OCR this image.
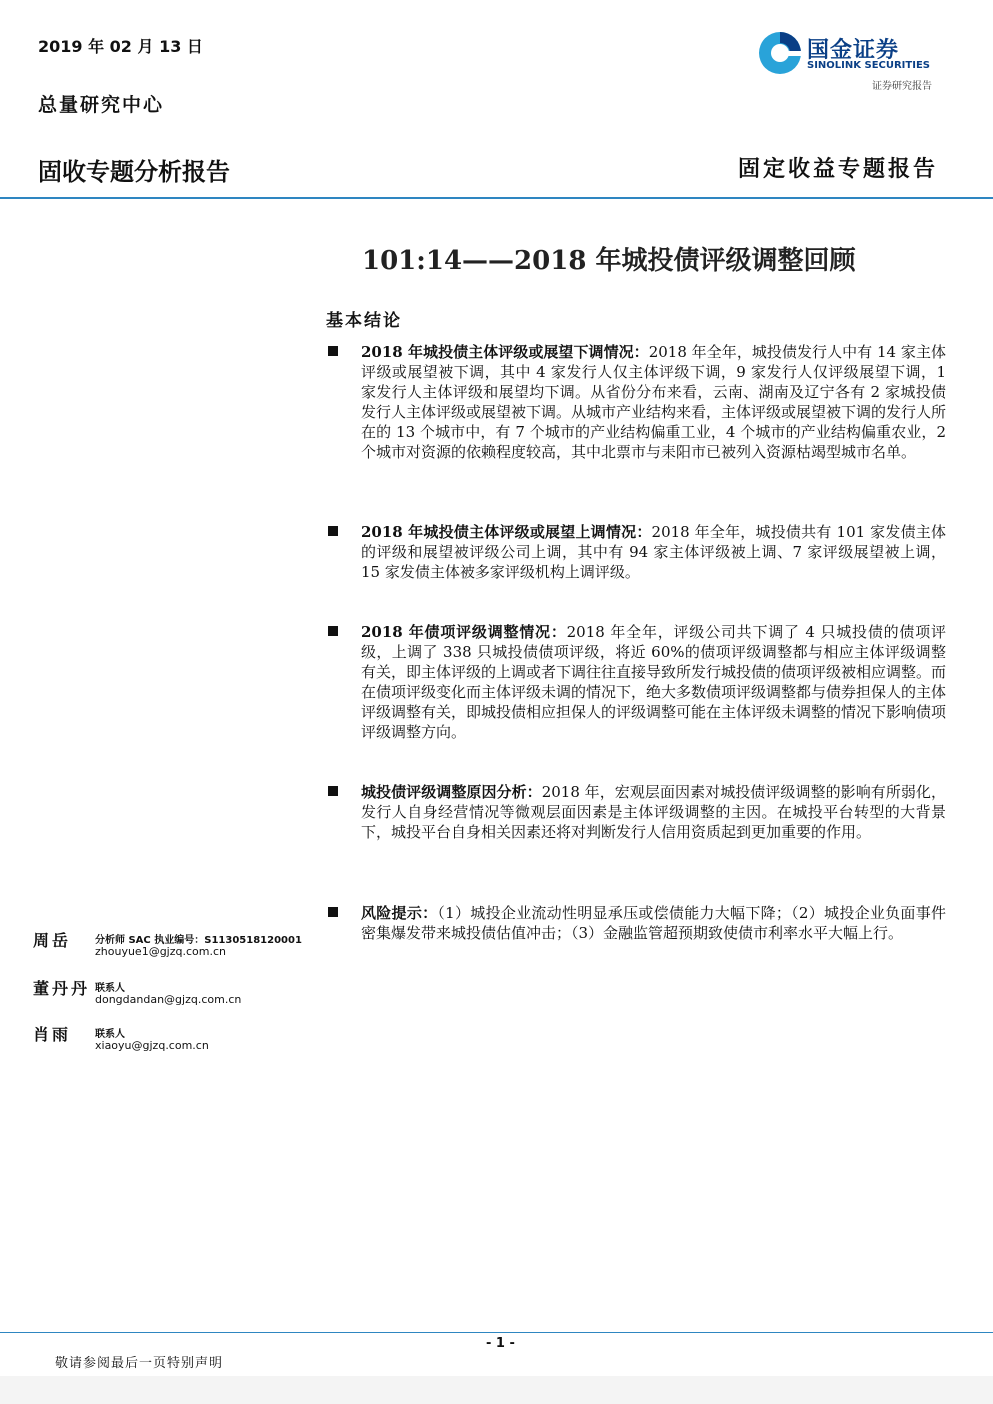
2019 年 02 月 13 日
总量研究中心
国金证券
SINOLINK SECURITIES
证券研究报告
固收专题分析报告	固定收益专题报告
101:14——2018 年城投债评级调整回顾
基本结论
2018 年城投债主体评级或展望下调情况：2018 年全年，城投债发行人中有 14 家主体评级或展望被下调，其中 4 家发行人仅主体评级下调，9 家发行人仅评级展望下调，1 家发行人主体评级和展望均下调。从省份分布来看，云南、湖南及辽宁各有 2 家城投债发行人主体评级或展望被下调。从城市产业结构来看，主体评级或展望被下调的发行人所在的 13 个城市中，有 7 个城市的产业结构偏重工业，4 个城市的产业结构偏重农业，2 个城市对资源的依赖程度较高，其中北票市与耒阳市已被列入资源枯竭型城市名单。
2018 年城投债主体评级或展望上调情况：2018 年全年，城投债共有 101 家发债主体的评级和展望被评级公司上调，其中有 94 家主体评级被上调、7 家评级展望被上调，15 家发债主体被多家评级机构上调评级。
2018 年债项评级调整情况：2018 年全年，评级公司共下调了 4 只城投债的债项评级，上调了 338 只城投债债项评级，将近 60%的债项评级调整都与相应主体评级调整有关，即主体评级的上调或者下调往往直接导致所发行城投债的债项评级被相应调整。而在债项评级变化而主体评级未调的情况下，绝大多数债项评级调整都与债券担保人的主体评级调整有关，即城投债相应担保人的评级调整可能在主体评级未调整的情况下影响债项评级调整方向。
城投债评级调整原因分析：2018 年，宏观层面因素对城投债评级调整的影响有所弱化，发行人自身经营情况等微观层面因素是主体评级调整的主因。在城投平台转型的大背景下，城投平台自身相关因素还将对判断发行人信用资质起到更加重要的作用。
风险提示：（1）城投企业流动性明显承压或偿债能力大幅下降；（2）城投企业负面事件密集爆发带来城投债估值冲击；（3）金融监管超预期致使债市利率水平大幅上行。
周岳 分析师 SAC 执业编号：S1130518120001
zhouyue1@gjzq.com.cn
董丹丹 联系人
dongdandan@gjzq.com.cn
肖雨 联系人
xiaoyu@gjzq.com.cn
- 1 -
敬请参阅最后一页特别声明
